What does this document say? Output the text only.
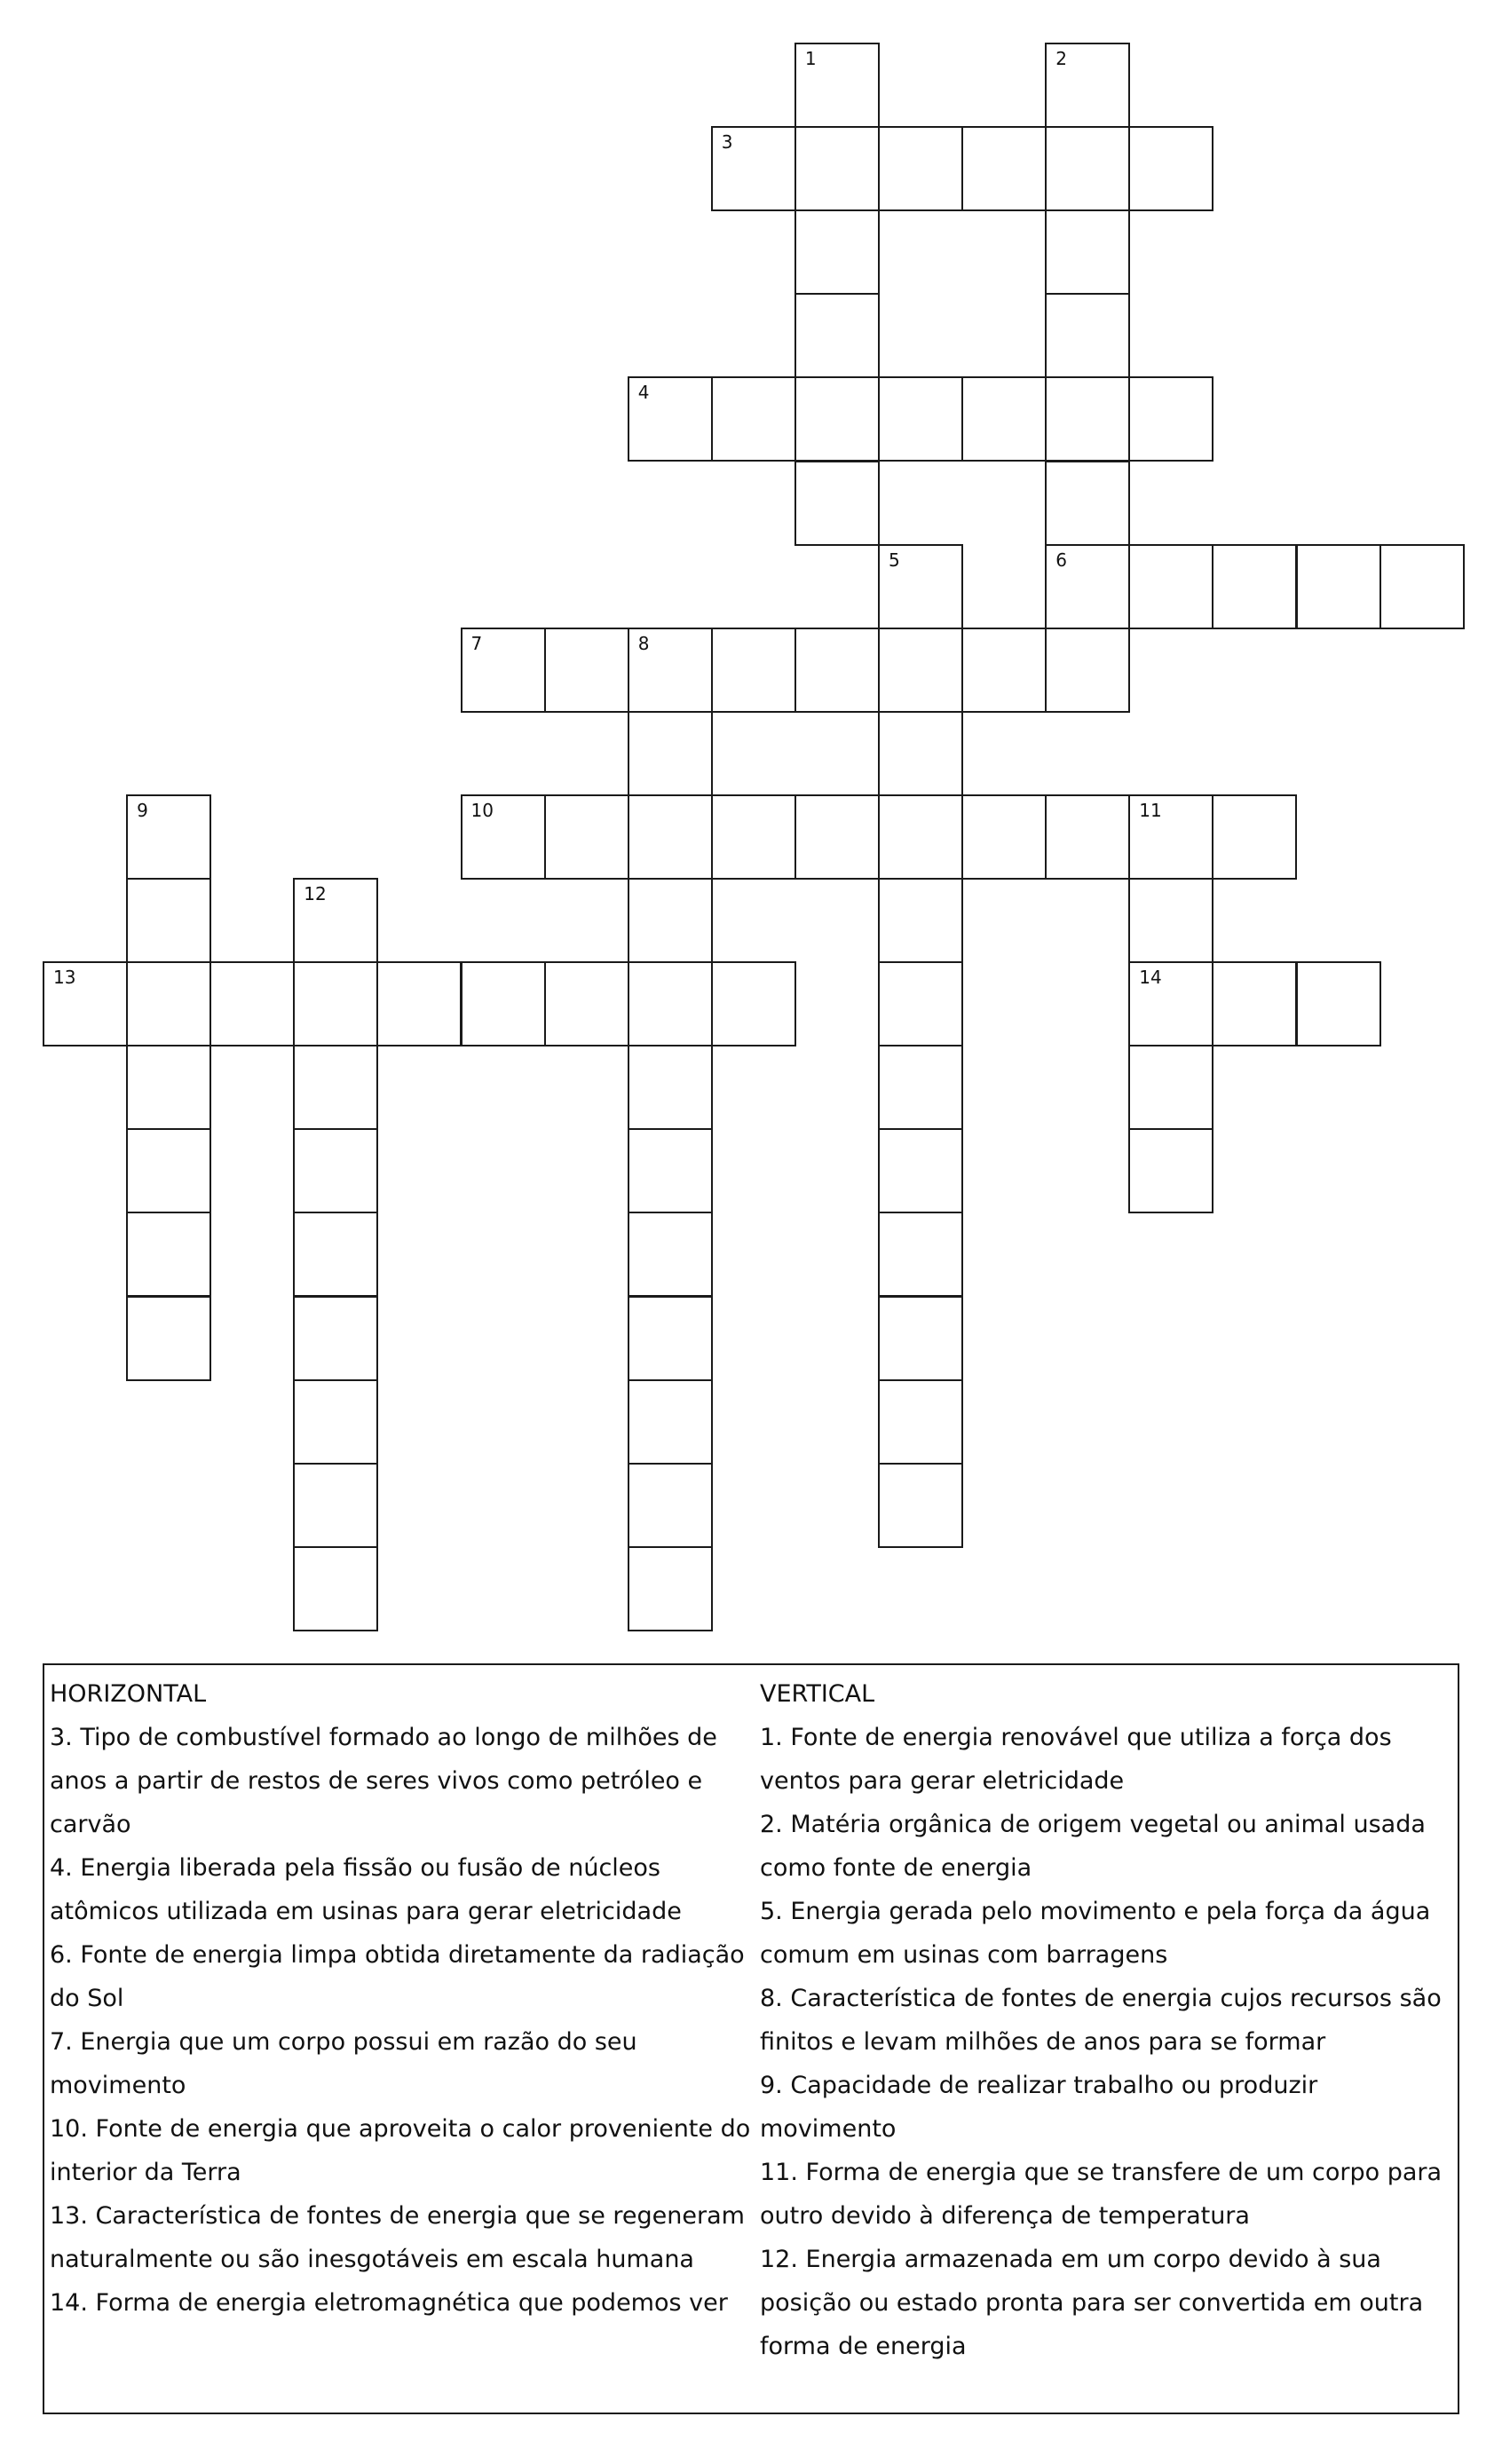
3
4
6
7	8
10	11
13	14
1	2
5
9
12

HORIZONTAL

3. Tipo de combustível formado ao longo de milhões de

anos a partir de restos de seres vivos como petróleo e

carvão

4. Energia liberada pela fissão ou fusão de núcleos

atômicos utilizada em usinas para gerar eletricidade

6. Fonte de energia limpa obtida diretamente da radiação

do Sol

7. Energia que um corpo possui em razão do seu

movimento

10. Fonte de energia que aproveita o calor proveniente do

interior da Terra

13. Característica de fontes de energia que se regeneram

naturalmente ou são inesgotáveis em escala humana

14. Forma de energia eletromagnética que podemos ver

VERTICAL

1. Fonte de energia renovável que utiliza a força dos

ventos para gerar eletricidade

2. Matéria orgânica de origem vegetal ou animal usada

como fonte de energia

5. Energia gerada pelo movimento e pela força da água

comum em usinas com barragens

8. Característica de fontes de energia cujos recursos são

finitos e levam milhões de anos para se formar

9. Capacidade de realizar trabalho ou produzir

movimento

11. Forma de energia que se transfere de um corpo para

outro devido à diferença de temperatura

12. Energia armazenada em um corpo devido à sua

posição ou estado pronta para ser convertida em outra

forma de energia
